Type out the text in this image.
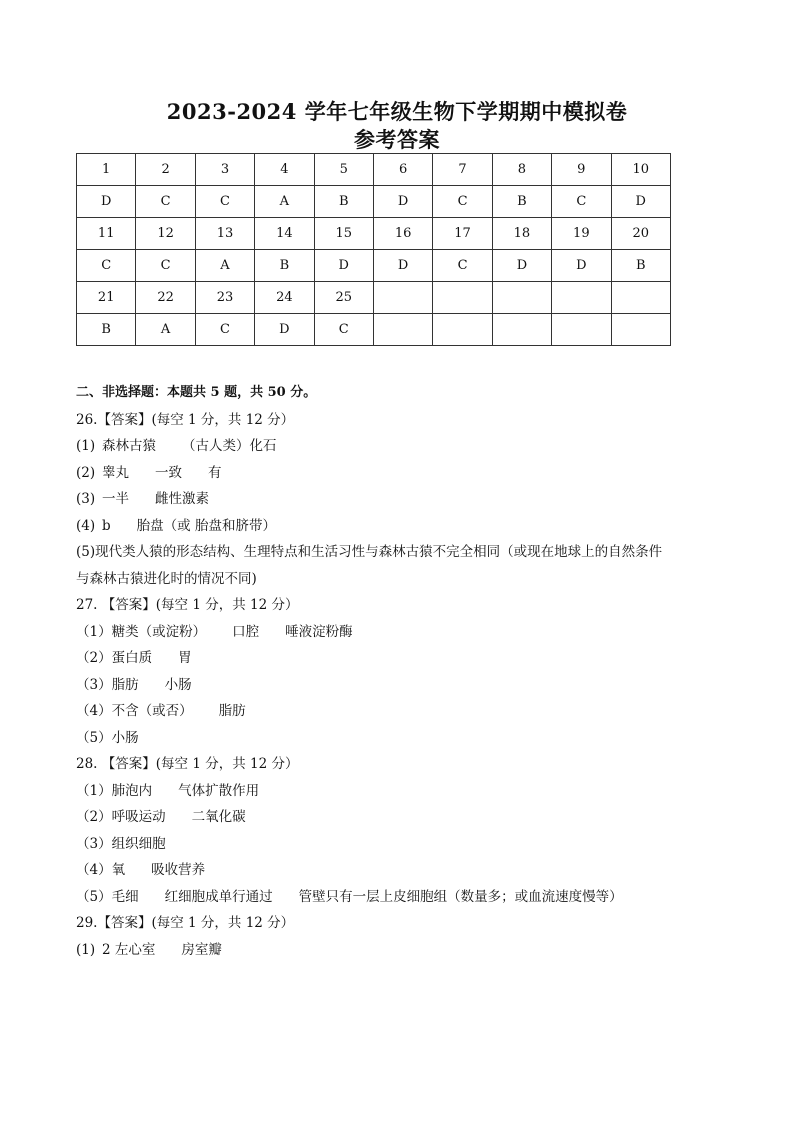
2023-2024 学年七年级生物下学期期中模拟卷
参考答案
1	2	3	4	5	6	7	8	9	10
D	C	C	A	B	D	C	B	C	D
11	12	13	14	15	16	17	18	19	20
C	C	A	B	D	D	C	D	D	B
21	22	23	24	25					
B	A	C	D	C					
二、非选择题：本题共 5 题，共 50 分。
26.【答案】(每空 1 分，共 12 分）
(1) 森林古猿 （古人类）化石
(2) 睾丸 一致 有
(3) 一半 雌性激素
(4) b 胎盘（或 胎盘和脐带）
(5)现代类人猿的形态结构、生理特点和生活习性与森林古猿不完全相同（或现在地球上的自然条件
与森林古猿进化时的情况不同)
27. 【答案】(每空 1 分，共 12 分）
（1）糖类（或淀粉） 口腔 唾液淀粉酶
（2）蛋白质 胃
（3）脂肪 小肠
（4）不含（或否） 脂肪
（5）小肠
28. 【答案】(每空 1 分，共 12 分）
（1）肺泡内 气体扩散作用
（2）呼吸运动 二氧化碳
（3）组织细胞
（4）氧 吸收营养
（5）毛细 红细胞成单行通过 管壁只有一层上皮细胞组（数量多；或血流速度慢等）
29.【答案】(每空 1 分，共 12 分）
(1) 2 左心室 房室瓣
